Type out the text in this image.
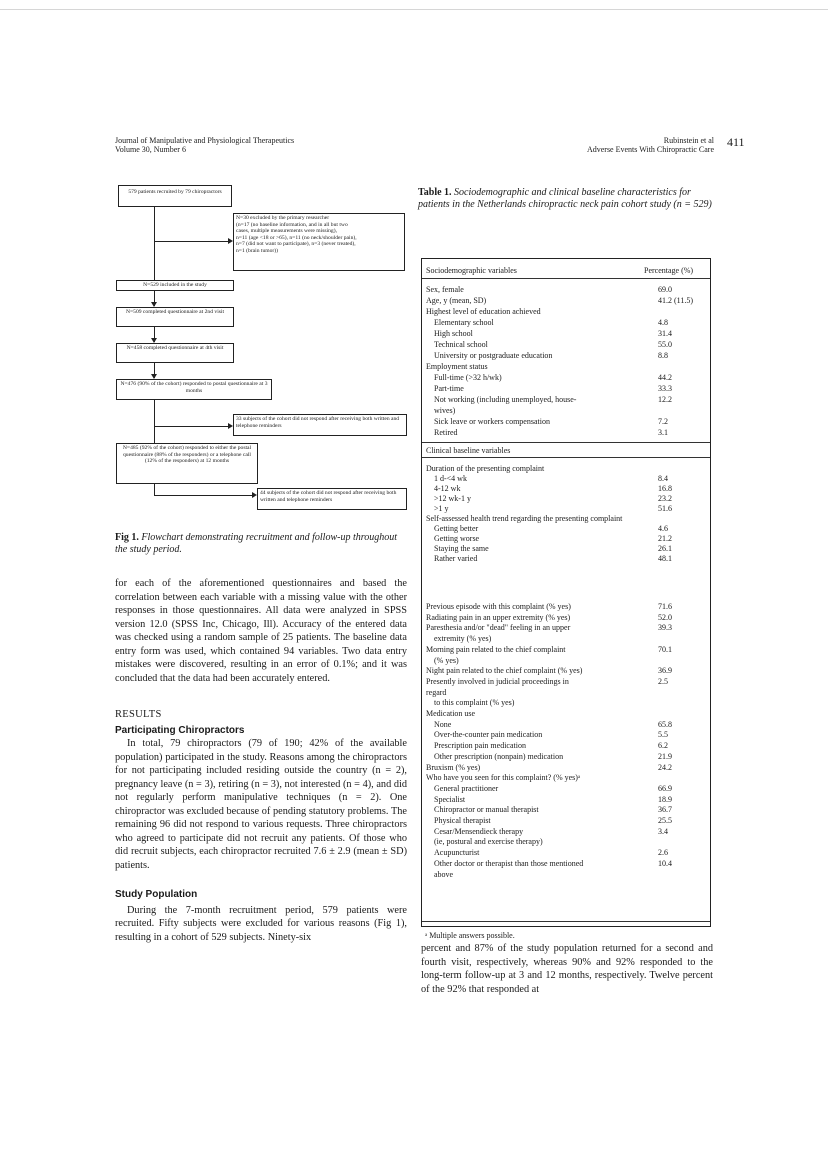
Journal of Manipulative and Physiological Therapeutics
Volume 30, Number 6
Rubinstein et al
Adverse Events With Chiropractic Care
411
579 patients recruited by 79 chiropractors
N=30 excluded by the primary researcher
(n=17 (no baseline information, and in all but two
cases, multiple measurements were missing),
n=11 (age <18 or >65), n=11 (no neck/shoulder pain),
n=7 (did not want to participate), n=3 (never treated),
n=1 (brain tumor))
N=529 included in the study
N=509 completed questionnaire at 2nd visit
N=458 completed questionnaire at 4th visit
N=476 (90% of the cohort) responded to postal questionnaire at 3 months
33 subjects of the cohort did not respond after receiving both written and telephone reminders
N=485 (92% of the cohort) responded to either the postal questionnaire (88% of the responders) or a telephone call (12% of the responders) at 12 months
44 subjects of the cohort did not respond after receiving both written and telephone reminders
Fig 1. Flowchart demonstrating recruitment and follow-up throughout the study period.

for each of the aforementioned questionnaires and based the correlation between each variable with a missing value with the other responses in those questionnaires. All data were analyzed in SPSS version 12.0 (SPSS Inc, Chicago, Ill). Accuracy of the entered data was checked using a random sample of 25 patients. The baseline data entry form was used, which contained 94 variables. Two data entry mistakes were discovered, resulting in an error of 0.1%; and it was concluded that the data had been accurately entered.

RESULTS
Participating Chiropractors

In total, 79 chiropractors (79 of 190; 42% of the available population) participated in the study. Reasons among the chiropractors for not participating included residing outside the country (n = 2), pregnancy leave (n = 3), retiring (n = 3), not interested (n = 4), and did not regularly perform manipulative techniques (n = 2). One chiropractor was excluded because of pending statutory problems. The remaining 96 did not respond to various requests. Three chiropractors who agreed to participate did not recruit any patients. Of those who did recruit subjects, each chiropractor recruited 7.6 ± 2.9 (mean ± SD) patients.

Study Population

During the 7-month recruitment period, 579 patients were recruited. Fifty subjects were excluded for various reasons (Fig 1), resulting in a cohort of 529 subjects. Ninety-six

Table 1. Sociodemographic and clinical baseline characteristics for patients in the Netherlands chiropractic neck pain cohort study (n = 529)
Sociodemographic variables	Percentage (%)
Sex, female	69.0
Age, y (mean, SD)	41.2 (11.5)
Highest level of education achieved
Elementary school	4.8
High school	31.4
Technical school	55.0
University or postgraduate education	8.8
Employment status
Full-time (>32 h/wk)	44.2
Part-time	33.3
Not working (including unemployed, house-	12.2
wives)
Sick leave or workers compensation	7.2
Retired	3.1
Clinical baseline variables
Duration of the presenting complaint
1 d-<4 wk	8.4
4-12 wk	16.8
>12 wk-1 y	23.2
>1 y	51.6
Self-assessed health trend regarding the presenting complaint
Getting better	4.6
Getting worse	21.2
Staying the same	26.1
Rather varied	48.1
Previous episode with this complaint (% yes)	71.6
Radiating pain in an upper extremity (% yes)	52.0
Paresthesia and/or "dead" feeling in an upper	39.3
extremity (% yes)
Morning pain related to the chief complaint	70.1
(% yes)
Night pain related to the chief complaint (% yes)	36.9
Presently involved in judicial proceedings in	2.5
regard
to this complaint (% yes)
Medication use
None	65.8
Over-the-counter pain medication	5.5
Prescription pain medication	6.2
Other prescription (nonpain) medication	21.9
Bruxism (% yes)	24.2
Who have you seen for this complaint? (% yes)ᵃ
General practitioner	66.9
Specialist	18.9
Chiropractor or manual therapist	36.7
Physical therapist	25.5
Cesar/Mensendieck therapy	3.4
(ie, postural and exercise therapy)
Acupuncturist	2.6
Other doctor or therapist than those mentioned	10.4
above
ᵃ Multiple answers possible.

percent and 87% of the study population returned for a second and fourth visit, respectively, whereas 90% and 92% responded to the long-term follow-up at 3 and 12 months, respectively. Twelve percent of the 92% that responded at
